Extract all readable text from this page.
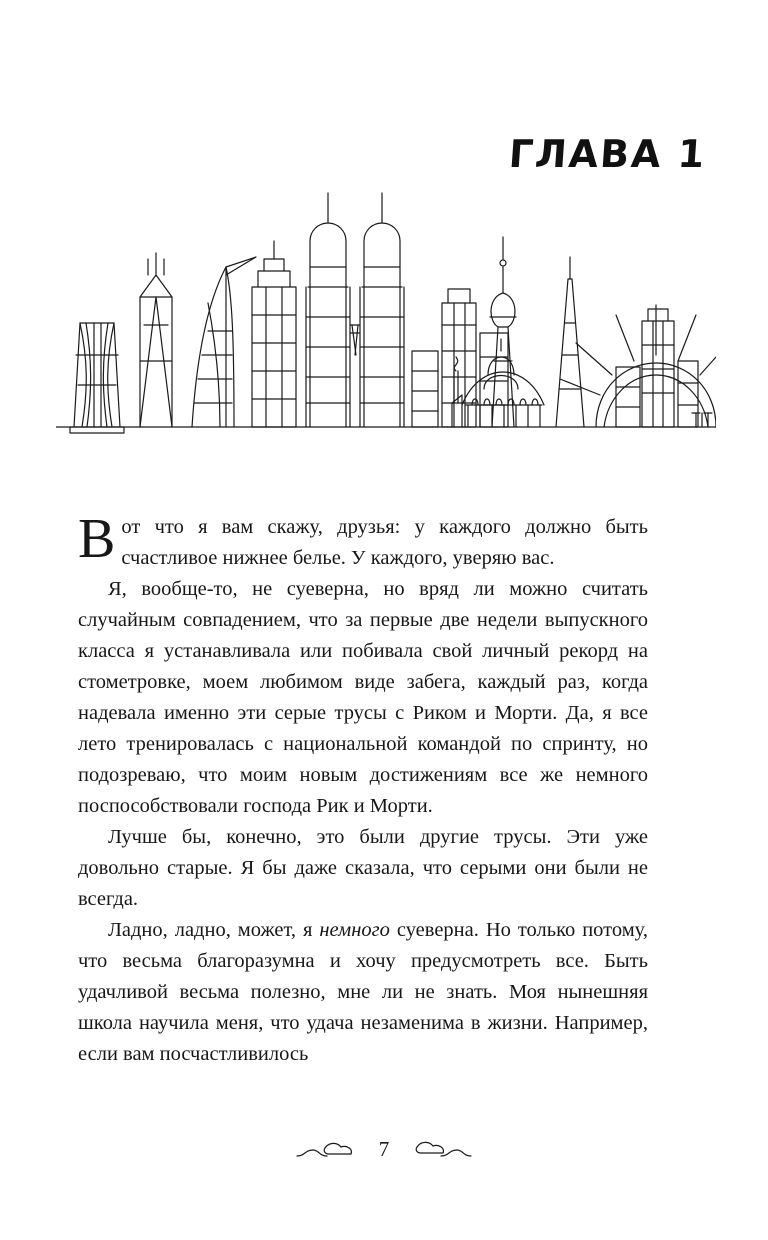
ГЛАВА 1

Вот что я вам скажу, друзья: у каждого должно быть счастливое нижнее белье. У каждого, уверяю вас.

Я, вообще-то, не суеверна, но вряд ли можно считать случайным совпадением, что за первые две недели выпускного класса я устанавливала или побивала свой личный рекорд на стометровке, моем любимом виде забега, каждый раз, когда надевала именно эти серые трусы с Риком и Морти. Да, я все лето тренировалась с национальной командой по спринту, но подозреваю, что моим новым достижениям все же немного поспособствовали господа Рик и Морти.

Лучше бы, конечно, это были другие трусы. Эти уже довольно старые. Я бы даже сказала, что серыми они были не всегда.

Ладно, ладно, может, я немного суеверна. Но только потому, что весьма благоразумна и хочу предусмотреть все. Быть удачливой весьма полезно, мне ли не знать. Моя нынешняя школа научила меня, что удача незаменима в жизни. Например, если вам посчастливилось

7
